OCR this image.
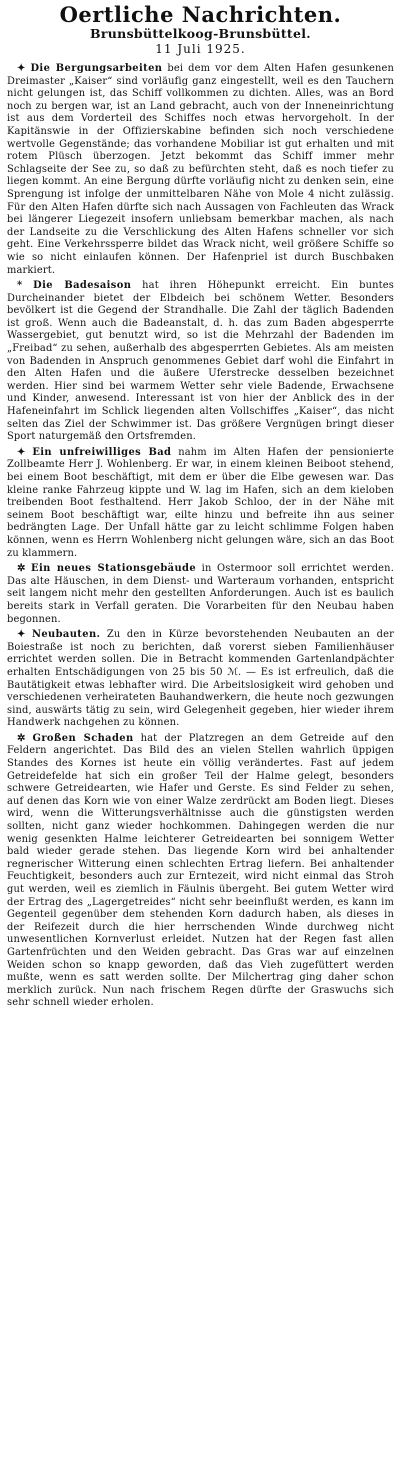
Oertliche Nachrichten.
Brunsbüttelkoog-Brunsbüttel.
11 Juli 1925.

✦ Die Bergungsarbeiten bei dem vor dem Alten Hafen gesunkenen Dreimaster „Kaiser“ sind vorläufig ganz eingestellt, weil es den Tauchern nicht gelungen ist, das Schiff vollkommen zu dichten. Alles, was an Bord noch zu bergen war, ist an Land gebracht, auch von der Inneneinrichtung ist aus dem Vorderteil des Schiffes noch etwas hervorgeholt. In der Kapitänswie in der Offizierskabine befinden sich noch verschiedene wertvolle Gegenstände; das vorhandene Mobiliar ist gut erhalten und mit rotem Plüsch überzogen. Jetzt bekommt das Schiff immer mehr Schlagseite der See zu, so daß zu befürchten steht, daß es noch tiefer zu liegen kommt. An eine Bergung dürfte vorläufig nicht zu denken sein, eine Sprengung ist infolge der unmittelbaren Nähe von Mole 4 nicht zulässig. Für den Alten Hafen dürfte sich nach Aussagen von Fachleuten das Wrack bei längerer Liegezeit insofern unliebsam bemerkbar machen, als nach der Landseite zu die Verschlickung des Alten Hafens schneller vor sich geht. Eine Verkehrssperre bildet das Wrack nicht, weil größere Schiffe so wie so nicht einlaufen können. Der Hafenpriel ist durch Buschbaken markiert.

* Die Badesaison hat ihren Höhepunkt erreicht. Ein buntes Durcheinander bietet der Elbdeich bei schönem Wetter. Besonders bevölkert ist die Gegend der Strandhalle. Die Zahl der täglich Badenden ist groß. Wenn auch die Badeanstalt, d. h. das zum Baden abgesperrte Wassergebiet, gut benutzt wird, so ist die Mehrzahl der Badenden im „Freibad“ zu sehen, außerhalb des abgesperrten Gebietes. Als am meisten von Badenden in Anspruch genommenes Gebiet darf wohl die Einfahrt in den Alten Hafen und die äußere Uferstrecke desselben bezeichnet werden. Hier sind bei warmem Wetter sehr viele Badende, Erwachsene und Kinder, anwesend. Interessant ist von hier der Anblick des in der Hafeneinfahrt im Schlick liegenden alten Vollschiffes „Kaiser“, das nicht selten das Ziel der Schwimmer ist. Das größere Vergnügen bringt dieser Sport naturgemäß den Ortsfremden.

✦ Ein unfreiwilliges Bad nahm im Alten Hafen der pensionierte Zollbeamte Herr J. Wohlenberg. Er war, in einem kleinen Beiboot stehend, bei einem Boot beschäftigt, mit dem er über die Elbe gewesen war. Das kleine ranke Fahrzeug kippte und W. lag im Hafen, sich an dem kieloben treibenden Boot festhaltend. Herr Jakob Schloo, der in der Nähe mit seinem Boot beschäftigt war, eilte hinzu und befreite ihn aus seiner bedrängten Lage. Der Unfall hätte gar zu leicht schlimme Folgen haben können, wenn es Herrn Wohlenberg nicht gelungen wäre, sich an das Boot zu klammern.

✲ Ein neues Stationsgebäude in Ostermoor soll errichtet werden. Das alte Häuschen, in dem Dienst- und Warteraum vorhanden, entspricht seit langem nicht mehr den gestellten Anforderungen. Auch ist es baulich bereits stark in Verfall geraten. Die Vorarbeiten für den Neubau haben begonnen.

✦ Neubauten. Zu den in Kürze bevorstehenden Neubauten an der Boiestraße ist noch zu berichten, daß vorerst sieben Familienhäuser errichtet werden sollen. Die in Betracht kommenden Gartenlandpächter erhalten Entschädigungen von 25 bis 50 ℳ. — Es ist erfreulich, daß die Bautätigkeit etwas lebhafter wird. Die Arbeitslosigkeit wird gehoben und verschiedenen verheirateten Bauhandwerkern, die heute noch gezwungen sind, auswärts tätig zu sein, wird Gelegenheit gegeben, hier wieder ihrem Handwerk nachgehen zu können.

✲ Großen Schaden hat der Platzregen an dem Getreide auf den Feldern angerichtet. Das Bild des an vielen Stellen wahrlich üppigen Standes des Kornes ist heute ein völlig verändertes. Fast auf jedem Getreidefelde hat sich ein großer Teil der Halme gelegt, besonders schwere Getreidearten, wie Hafer und Gerste. Es sind Felder zu sehen, auf denen das Korn wie von einer Walze zerdrückt am Boden liegt. Dieses wird, wenn die Witterungsverhältnisse auch die günstigsten werden sollten, nicht ganz wieder hochkommen. Dahingegen werden die nur wenig gesenkten Halme leichterer Getreidearten bei sonnigem Wetter bald wieder gerade stehen. Das liegende Korn wird bei anhaltender regnerischer Witterung einen schlechten Ertrag liefern. Bei anhaltender Feuchtigkeit, besonders auch zur Erntezeit, wird nicht einmal das Stroh gut werden, weil es ziemlich in Fäulnis übergeht. Bei gutem Wetter wird der Ertrag des „Lagergetreides“ nicht sehr beeinflußt werden, es kann im Gegenteil gegenüber dem stehenden Korn dadurch haben, als dieses in der Reifezeit durch die hier herrschenden Winde durchweg nicht unwesentlichen Kornverlust erleidet. Nutzen hat der Regen fast allen Gartenfrüchten und den Weiden gebracht. Das Gras war auf einzelnen Weiden schon so knapp geworden, daß das Vieh zugefüttert werden mußte, wenn es satt werden sollte. Der Milchertrag ging daher schon merklich zurück. Nun nach frischem Regen dürfte der Graswuchs sich sehr schnell wieder erholen.
